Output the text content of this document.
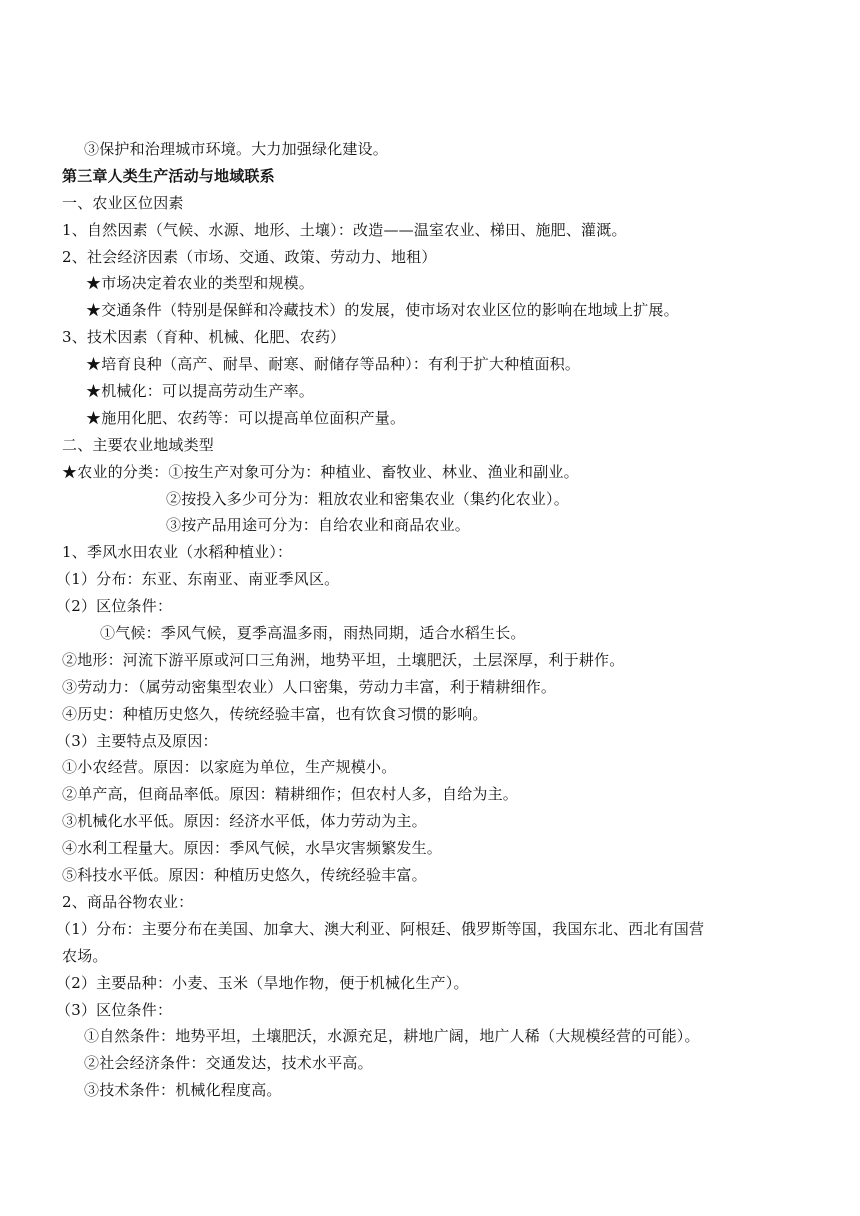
③保护和治理城市环境。大力加强绿化建设。
第三章人类生产活动与地域联系
一、农业区位因素
1、自然因素（气候、水源、地形、土壤）：改造——温室农业、梯田、施肥、灌溉。
2、社会经济因素（市场、交通、政策、劳动力、地租）
★市场决定着农业的类型和规模。
★交通条件（特别是保鲜和冷藏技术）的发展，使市场对农业区位的影响在地域上扩展。
3、技术因素（育种、机械、化肥、农药）
★培育良种（高产、耐旱、耐寒、耐储存等品种）：有利于扩大种植面积。
★机械化：可以提高劳动生产率。
★施用化肥、农药等：可以提高单位面积产量。
二、主要农业地域类型
★农业的分类：①按生产对象可分为：种植业、畜牧业、林业、渔业和副业。
②按投入多少可分为：粗放农业和密集农业（集约化农业）。
③按产品用途可分为：自给农业和商品农业。
1、季风水田农业（水稻种植业）：
（1）分布：东亚、东南亚、南亚季风区。
（2）区位条件：
①气候：季风气候，夏季高温多雨，雨热同期，适合水稻生长。
②地形：河流下游平原或河口三角洲，地势平坦，土壤肥沃，土层深厚，利于耕作。
③劳动力：（属劳动密集型农业）人口密集，劳动力丰富，利于精耕细作。
④历史：种植历史悠久，传统经验丰富，也有饮食习惯的影响。
（3）主要特点及原因：
①小农经营。原因：以家庭为单位，生产规模小。
②单产高，但商品率低。原因：精耕细作；但农村人多，自给为主。
③机械化水平低。原因：经济水平低，体力劳动为主。
④水利工程量大。原因：季风气候，水旱灾害频繁发生。
⑤科技水平低。原因：种植历史悠久，传统经验丰富。
2、商品谷物农业：
（1）分布：主要分布在美国、加拿大、澳大利亚、阿根廷、俄罗斯等国，我国东北、西北有国营
农场。
（2）主要品种：小麦、玉米（旱地作物，便于机械化生产）。
（3）区位条件：
①自然条件：地势平坦，土壤肥沃，水源充足，耕地广阔，地广人稀（大规模经营的可能）。
②社会经济条件：交通发达，技术水平高。
③技术条件：机械化程度高。
